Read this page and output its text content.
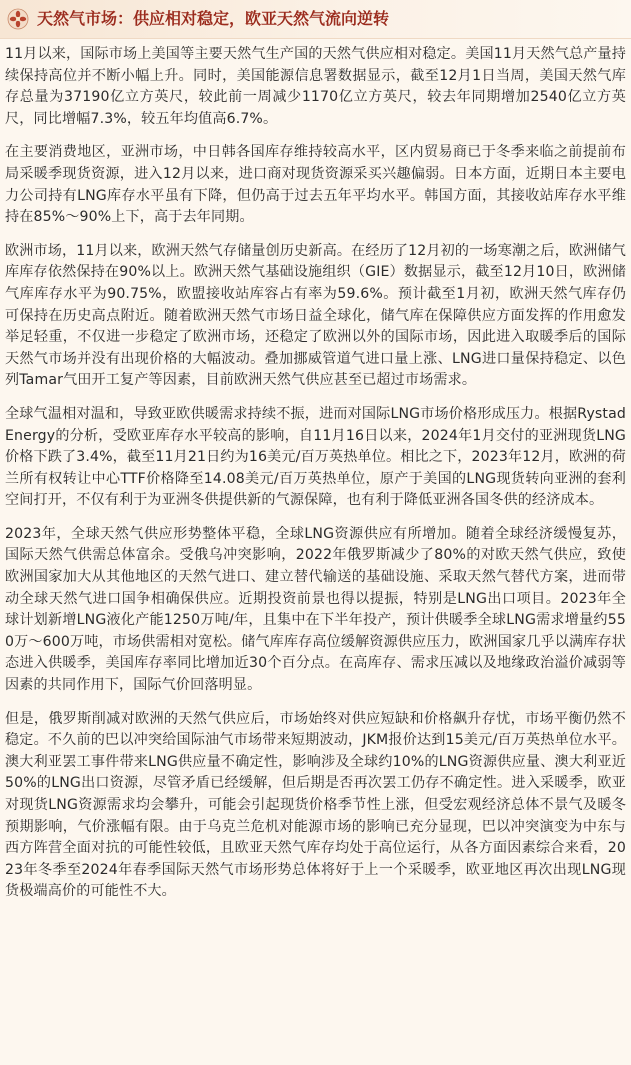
天然气市场：供应相对稳定，欧亚天然气流向逆转

11月以来，国际市场上美国等主要天然气生产国的天然气供应相对稳定。美国11月天然气总产量持续保持高位并不断小幅上升。同时，美国能源信息署数据显示，截至12月1日当周，美国天然气库存总量为37190亿立方英尺，较此前一周减少1170亿立方英尺，较去年同期增加2540亿立方英尺，同比增幅7.3%，较五年均值高6.7%。

在主要消费地区，亚洲市场，中日韩各国库存维持较高水平，区内贸易商已于冬季来临之前提前布局采暖季现货资源，进入12月以来，进口商对现货资源采买兴趣偏弱。日本方面，近期日本主要电力公司持有LNG库存水平虽有下降，但仍高于过去五年平均水平。韩国方面，其接收站库存水平维持在85%～90%上下，高于去年同期。

欧洲市场，11月以来，欧洲天然气存储量创历史新高。在经历了12月初的一场寒潮之后，欧洲储气库库存依然保持在90%以上。欧洲天然气基础设施组织（GIE）数据显示，截至12月10日，欧洲储气库库存水平为90.75%，欧盟接收站库容占有率为59.6%。预计截至1月初，欧洲天然气库存仍可保持在历史高点附近。随着欧洲天然气市场日益全球化，储气库在保障供应方面发挥的作用愈发举足轻重，不仅进一步稳定了欧洲市场，还稳定了欧洲以外的国际市场，因此进入取暖季后的国际天然气市场并没有出现价格的大幅波动。叠加挪威管道气进口量上涨、LNG进口量保持稳定、以色列Tamar气田开工复产等因素，目前欧洲天然气供应甚至已超过市场需求。

全球气温相对温和，导致亚欧供暖需求持续不振，进而对国际LNG市场价格形成压力。根据Rystad Energy的分析，受欧亚库存水平较高的影响，自11月16日以来，2024年1月交付的亚洲现货LNG价格下跌了3.4%，截至11月21日约为16美元/百万英热单位。相比之下，2023年12月，欧洲的荷兰所有权转让中心TTF价格降至14.08美元/百万英热单位，原产于美国的LNG现货转向亚洲的套利空间打开，不仅有利于为亚洲冬供提供新的气源保障，也有利于降低亚洲各国冬供的经济成本。

2023年，全球天然气供应形势整体平稳，全球LNG资源供应有所增加。随着全球经济缓慢复苏，国际天然气供需总体富余。受俄乌冲突影响，2022年俄罗斯减少了80%的对欧天然气供应，致使欧洲国家加大从其他地区的天然气进口、建立替代输送的基础设施、采取天然气替代方案，进而带动全球天然气进口国争相确保供应。近期投资前景也得以提振，特别是LNG出口项目。2023年全球计划新增LNG液化产能1250万吨/年，且集中在下半年投产，预计供暖季全球LNG需求增量约550万～600万吨，市场供需相对宽松。储气库库存高位缓解资源供应压力，欧洲国家几乎以满库存状态进入供暖季，美国库存率同比增加近30个百分点。在高库存、需求压减以及地缘政治溢价减弱等因素的共同作用下，国际气价回落明显。

但是，俄罗斯削减对欧洲的天然气供应后，市场始终对供应短缺和价格飙升存忧，市场平衡仍然不稳定。不久前的巴以冲突给国际油气市场带来短期波动，JKM报价达到15美元/百万英热单位水平。澳大利亚罢工事件带来LNG供应量不确定性，影响涉及全球约10%的LNG资源供应量、澳大利亚近50%的LNG出口资源，尽管矛盾已经缓解，但后期是否再次罢工仍存不确定性。进入采暖季，欧亚对现货LNG资源需求均会攀升，可能会引起现货价格季节性上涨，但受宏观经济总体不景气及暖冬预期影响，气价涨幅有限。由于乌克兰危机对能源市场的影响已充分显现，巴以冲突演变为中东与西方阵营全面对抗的可能性较低，且欧亚天然气库存均处于高位运行，从各方面因素综合来看，2023年冬季至2024年春季国际天然气市场形势总体将好于上一个采暖季，欧亚地区再次出现LNG现货极端高价的可能性不大。
